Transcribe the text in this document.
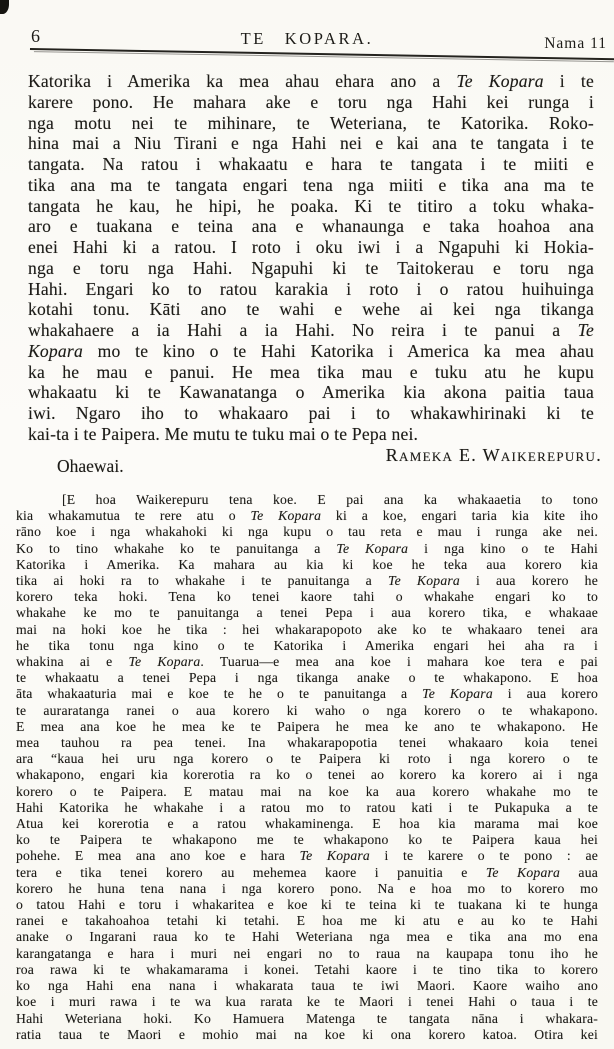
6	TE KOPARA.	Nama 11
Katorika i Amerika ka mea ahau ehara ano a Te Kopara i te
karere pono. He mahara ake e toru nga Hahi kei runga i
nga motu nei te mihinare, te Weteriana, te Katorika. Roko-
hina mai a Niu Tirani e nga Hahi nei e kai ana te tangata i te
tangata. Na ratou i whakaatu e hara te tangata i te miiti e
tika ana ma te tangata engari tena nga miiti e tika ana ma te
tangata he kau, he hipi, he poaka. Ki te titiro a toku whaka-
aro e tuakana e teina ana e whanaunga e taka hoahoa ana
enei Hahi ki a ratou. I roto i oku iwi i a Ngapuhi ki Hokia-
nga e toru nga Hahi. Ngapuhi ki te Taitokerau e toru nga
Hahi. Engari ko to ratou karakia i roto i o ratou huihuinga
kotahi tonu. Kāti ano te wahi e wehe ai kei nga tikanga
whakahaere a ia Hahi a ia Hahi. No reira i te panui a Te
Kopara mo te kino o te Hahi Katorika i America ka mea ahau
ka he mau e panui. He mea tika mau e tuku atu he kupu
whakaatu ki te Kawanatanga o Amerika kia akona paitia taua
iwi. Ngaro iho to whakaaro pai i to whakawhirinaki ki te
kai-ta i te Paipera. Me mutu te tuku mai o te Pepa nei.
Rameka E. Waikerepuru.
Ohaewai.
[E hoa Waikerepuru tena koe. E pai ana ka whakaaetia to tono
kia whakamutua te rere atu o Te Kopara ki a koe, engari taria kia kite iho
rāno koe i nga whakahoki ki nga kupu o tau reta e mau i runga ake nei.
Ko to tino whakahe ko te panuitanga a Te Kopara i nga kino o te Hahi
Katorika i Amerika. Ka mahara au kia ki koe he teka aua korero kia
tika ai hoki ra to whakahe i te panuitanga a Te Kopara i aua korero he
korero teka hoki. Tena ko tenei kaore tahi o whakahe engari ko to
whakahe ke mo te panuitanga a tenei Pepa i aua korero tika, e whakaae
mai na hoki koe he tika : hei whakarapopoto ake ko te whakaaro tenei ara
he tika tonu nga kino o te Katorika i Amerika engari hei aha ra i
whakina ai e Te Kopara. Tuarua—e mea ana koe i mahara koe tera e pai
te whakaatu a tenei Pepa i nga tikanga anake o te whakapono. E hoa
āta whakaaturia mai e koe te he o te panuitanga a Te Kopara i aua korero
te auraratanga ranei o aua korero ki waho o nga korero o te whakapono.
E mea ana koe he mea ke te Paipera he mea ke ano te whakapono. He
mea tauhou ra pea tenei. Ina whakarapopotia tenei whakaaro koia tenei
ara “kaua hei uru nga korero o te Paipera ki roto i nga korero o te
whakapono, engari kia korerotia ra ko o tenei ao korero ka korero ai i nga
korero o te Paipera. E matau mai na koe ka aua korero whakahe mo te
Hahi Katorika he whakahe i a ratou mo to ratou kati i te Pukapuka a te
Atua kei korerotia e a ratou whakaminenga. E hoa kia marama mai koe
ko te Paipera te whakapono me te whakapono ko te Paipera kaua hei
pohehe. E mea ana ano koe e hara Te Kopara i te karere o te pono : ae
tera e tika tenei korero au mehemea kaore i panuitia e Te Kopara aua
korero he huna tena nana i nga korero pono. Na e hoa mo to korero mo
o tatou Hahi e toru i whakaritea e koe ki te teina ki te tuakana ki te hunga
ranei e takahoahoa tetahi ki tetahi. E hoa me ki atu e au ko te Hahi
anake o Ingarani raua ko te Hahi Weteriana nga mea e tika ana mo ena
karangatanga e hara i muri nei engari no to raua na kaupapa tonu iho he
roa rawa ki te whakamarama i konei. Tetahi kaore i te tino tika to korero
ko nga Hahi ena nana i whakarata taua te iwi Maori. Kaore waiho ano
koe i muri rawa i te wa kua rarata ke te Maori i tenei Hahi o taua i te
Hahi Weteriana hoki. Ko Hamuera Matenga te tangata nāna i whakara-
ratia taua te Maori e mohio mai na koe ki ona korero katoa. Otira kei
